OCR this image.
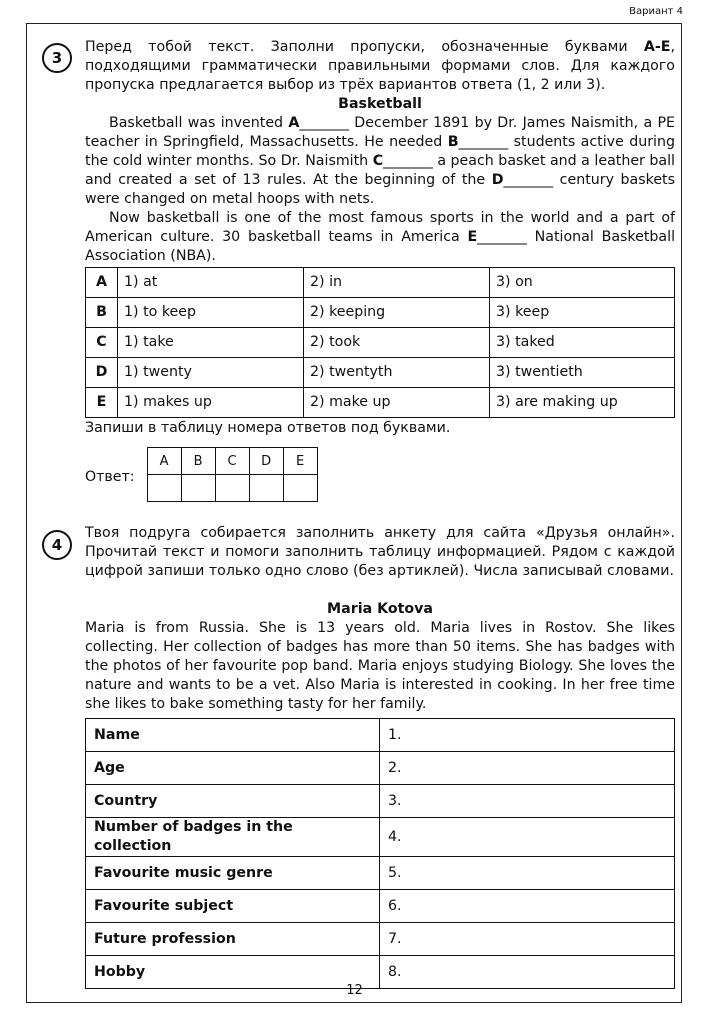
Вариант 4
3
Перед тобой текст. Заполни пропуски, обозначенные буквами А-Е, подходящими грамматически правильными формами слов. Для каждого пропуска предлагается выбор из трёх вариантов ответа (1, 2 или 3).
Basketball
Basketball was invented A_______ December 1891 by Dr. James Naismith, a PE teacher in Springfield, Massachusetts. He needed B_______ students active during the cold winter months. So Dr. Naismith C_______ a peach basket and a leather ball and created a set of 13 rules. At the beginning of the D_______ century baskets were changed on metal hoops with nets.
Now basketball is one of the most famous sports in the world and a part of American culture. 30 basketball teams in America E_______ National Basketball Association (NBA).
A	1) at	2) in	3) on
B	1) to keep	2) keeping	3) keep
C	1) take	2) took	3) taked
D	1) twenty	2) twentyth	3) twentieth
E	1) makes up	2) make up	3) are making up
Запиши в таблицу номера ответов под буквами.
Ответ:
A	B	C	D	E

4
Твоя подруга собирается заполнить анкету для сайта «Друзья онлайн». Прочитай текст и помоги заполнить таблицу информацией. Рядом с каждой цифрой запиши только одно слово (без артиклей). Числа записывай словами.
Maria Kotova
Maria is from Russia. She is 13 years old. Maria lives in Rostov. She likes collecting. Her collection of badges has more than 50 items. She has badges with the photos of her favourite pop band. Maria enjoys studying Biology. She loves the nature and wants to be a vet. Also Maria is interested in cooking. In her free time she likes to bake something tasty for her family.
Name	1.
Age	2.
Country	3.
Number of badges in the collection	4.
Favourite music genre	5.
Favourite subject	6.
Future profession	7.
Hobby	8.
12
